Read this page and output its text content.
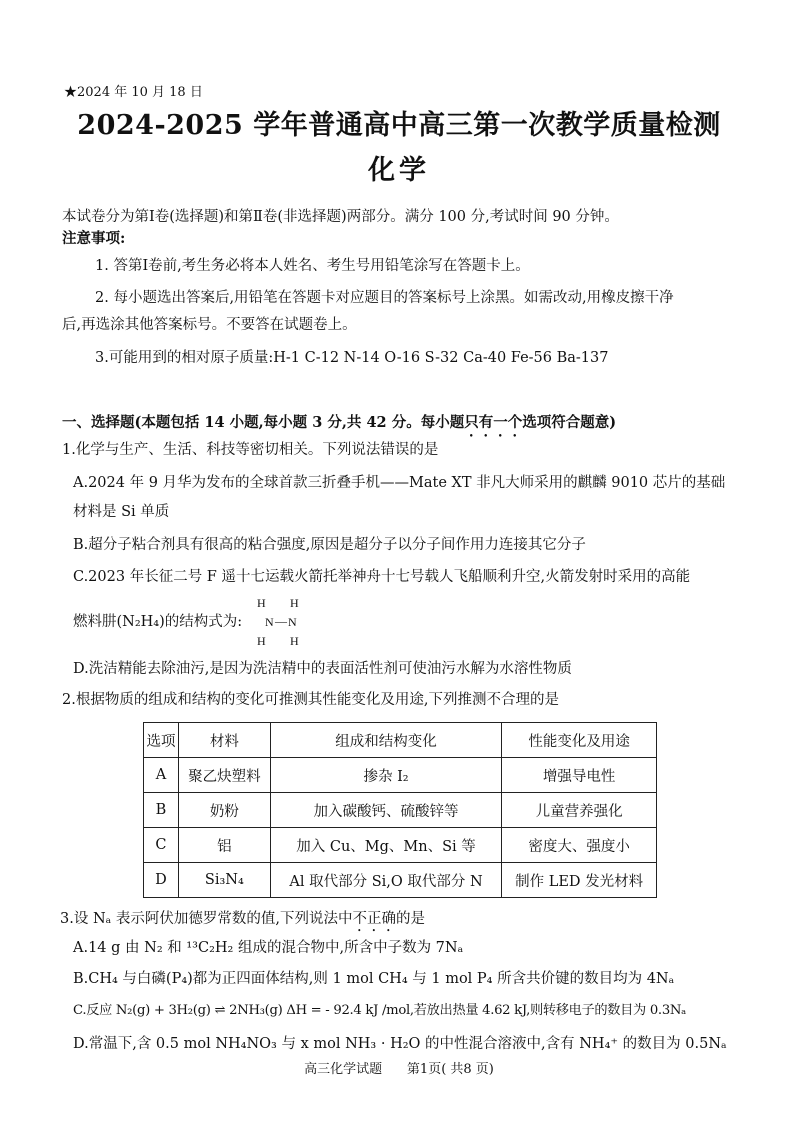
★2024 年 10 月 18 日
2024-2025 学年普通高中高三第一次教学质量检测
化学
本试卷分为第Ⅰ卷(选择题)和第Ⅱ卷(非选择题)两部分。满分 100 分,考试时间 90 分钟。
注意事项:
1. 答第Ⅰ卷前,考生务必将本人姓名、考生号用铅笔涂写在答题卡上。
2. 每小题选出答案后,用铅笔在答题卡对应题目的答案标号上涂黑。如需改动,用橡皮擦干净
后,再选涂其他答案标号。不要答在试题卷上。
3.可能用到的相对原子质量:H-1 C-12 N-14 O-16 S-32 Ca-40 Fe-56 Ba-137
一、选择题(本题包括 14 小题,每小题 3 分,共 42 分。每小题只有一个选项符合题意)
1.化学与生产、生活、科技等密切相关。下列说法错误的是
A.2024 年 9 月华为发布的全球首款三折叠手机——Mate XT 非凡大师采用的麒麟 9010 芯片的基础
材料是 Si 单质
B.超分子粘合剂具有很高的粘合强度,原因是超分子以分子间作用力连接其它分子
C.2023 年长征二号 F 遥十七运载火箭托举神舟十七号载人飞船顺利升空,火箭发射时采用的高能
燃料肼(N₂H₄)的结构式为:
H H
N — N
H H
D.洗洁精能去除油污,是因为洗洁精中的表面活性剂可使油污水解为水溶性物质
2.根据物质的组成和结构的变化可推测其性能变化及用途,下列推测不合理的是
选项	材料	组成和结构变化	性能变化及用途
A	聚乙炔塑料	掺杂 I₂	增强导电性
B	奶粉	加入碳酸钙、硫酸锌等	儿童营养强化
C	铝	加入 Cu、Mg、Mn、Si 等	密度大、强度小
D	Si₃N₄	Al 取代部分 Si,O 取代部分 N	制作 LED 发光材料
3.设 Nₐ 表示阿伏加德罗常数的值,下列说法中不正确的是
A.14 g 由 N₂ 和 ¹³C₂H₂ 组成的混合物中,所含中子数为 7Nₐ
B.CH₄ 与白磷(P₄)都为正四面体结构,则 1 mol CH₄ 与 1 mol P₄ 所含共价键的数目均为 4Nₐ
C.反应 N₂(g) + 3H₂(g) ⇌ 2NH₃(g) ΔH = - 92.4 kJ /mol,若放出热量 4.62 kJ,则转移电子的数目为 0.3Nₐ
D.常温下,含 0.5 mol NH₄NO₃ 与 x mol NH₃ · H₂O 的中性混合溶液中,含有 NH₄⁺ 的数目为 0.5Nₐ
高三化学试题      第1页( 共8 页)
